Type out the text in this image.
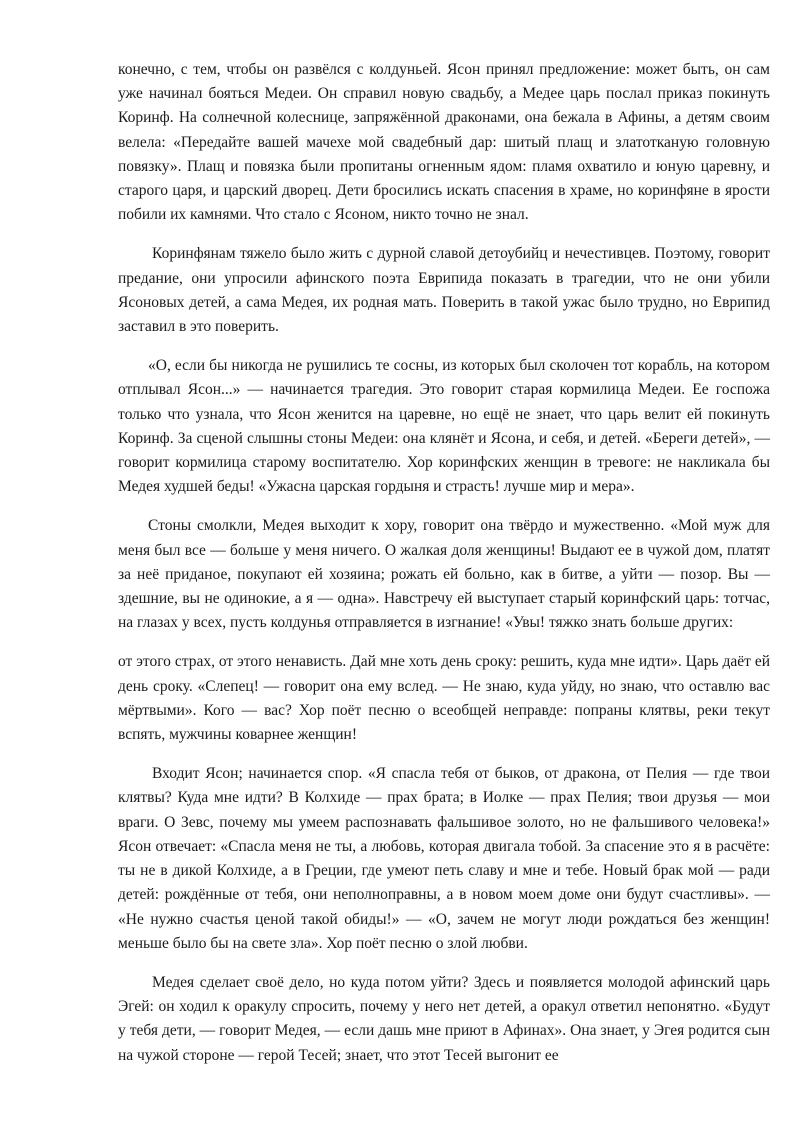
конечно, с тем, чтобы он развёлся с колдуньей. Ясон принял предложение: может быть, он сам уже начинал бояться Медеи. Он справил новую свадьбу, а Медее царь послал приказ покинуть Коринф. На солнечной колеснице, запряжённой драконами, она бежала в Афины, а детям своим велела: «Передайте вашей мачехе мой свадебный дар: шитый плащ и златотканую головную повязку». Плащ и повязка были пропитаны огненным ядом: пламя охватило и юную царевну, и старого царя, и царский дворец. Дети бросились искать спасения в храме, но коринфяне в ярости побили их камнями. Что стало с Ясоном, никто точно не знал.

Коринфянам тяжело было жить с дурной славой детоубийц и нечестивцев. Поэтому, говорит предание, они упросили афинского поэта Еврипида показать в трагедии, что не они убили Ясоновых детей, а сама Медея, их родная мать. Поверить в такой ужас было трудно, но Еврипид заставил в это поверить.

«О, если бы никогда не рушились те сосны, из которых был сколочен тот корабль, на котором отплывал Ясон...» — начинается трагедия. Это говорит старая кормилица Медеи. Ее госпожа только что узнала, что Ясон женится на царевне, но ещё не знает, что царь велит ей покинуть Коринф. За сценой слышны стоны Медеи: она клянёт и Ясона, и себя, и детей. «Береги детей», — говорит кормилица старому воспитателю. Хор коринфских женщин в тревоге: не накликала бы Медея худшей беды! «Ужасна царская гордыня и страсть! лучше мир и мера».

Стоны смолкли, Медея выходит к хору, говорит она твёрдо и мужественно. «Мой муж для меня был все — больше у меня ничего. О жалкая доля женщины! Выдают ее в чужой дом, платят за неё приданое, покупают ей хозяина; рожать ей больно, как в битве, а уйти — позор. Вы — здешние, вы не одинокие, а я — одна». Навстречу ей выступает старый коринфский царь: тотчас, на глазах у всех, пусть колдунья отправляется в изгнание! «Увы! тяжко знать больше других:

от этого страх, от этого ненависть. Дай мне хоть день сроку: решить, куда мне идти». Царь даёт ей день сроку. «Слепец! — говорит она ему вслед. — Не знаю, куда уйду, но знаю, что оставлю вас мёртвыми». Кого — вас? Хор поёт песню о всеобщей неправде: попраны клятвы, реки текут вспять, мужчины коварнее женщин!

Входит Ясон; начинается спор. «Я спасла тебя от быков, от дракона, от Пелия — где твои клятвы? Куда мне идти? В Колхиде — прах брата; в Иолке — прах Пелия; твои друзья — мои враги. О Зевс, почему мы умеем распознавать фальшивое золото, но не фальшивого человека!» Ясон отвечает: «Спасла меня не ты, а любовь, которая двигала тобой. За спасение это я в расчёте: ты не в дикой Колхиде, а в Греции, где умеют петь славу и мне и тебе. Новый брак мой — ради детей: рождённые от тебя, они неполноправны, а в новом моем доме они будут счастливы». — «Не нужно счастья ценой такой обиды!» — «О, зачем не могут люди рождаться без женщин! меньше было бы на свете зла». Хор поёт песню о злой любви.

Медея сделает своё дело, но куда потом уйти? Здесь и появляется молодой афинский царь Эгей: он ходил к оракулу спросить, почему у него нет детей, а оракул ответил непонятно. «Будут у тебя дети, — говорит Медея, — если дашь мне приют в Афинах». Она знает, у Эгея родится сын на чужой стороне — герой Тесей; знает, что этот Тесей выгонит ее
